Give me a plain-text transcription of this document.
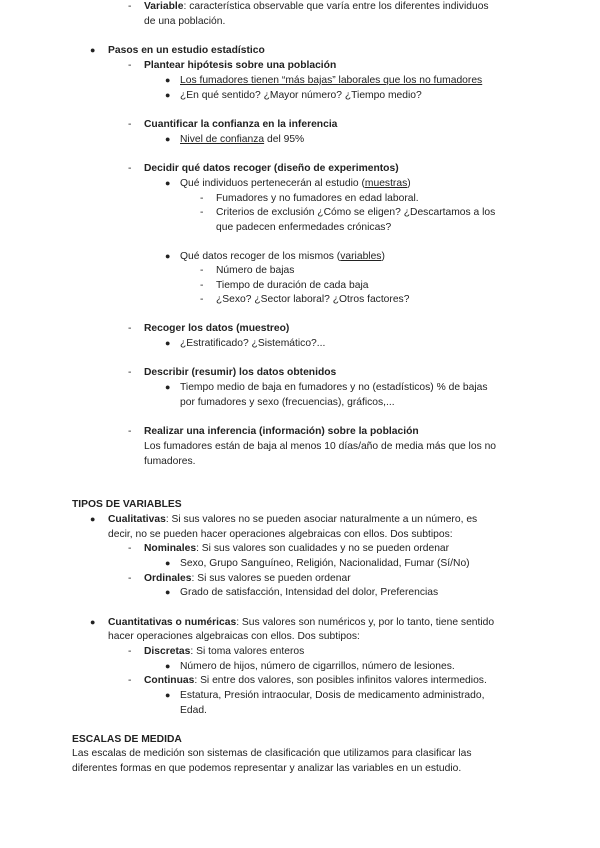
- Variable: característica observable que varía entre los diferentes individuos
de una población.
● Pasos en un estudio estadístico
- Plantear hipótesis sobre una población
● Los fumadores tienen “más bajas” laborales que los no fumadores
● ¿En qué sentido? ¿Mayor número? ¿Tiempo medio?
- Cuantificar la confianza en la inferencia
● Nivel de confianza del 95%
- Decidir qué datos recoger (diseño de experimentos)
● Qué individuos pertenecerán al estudio (muestras)
- Fumadores y no fumadores en edad laboral.
- Criterios de exclusión ¿Cómo se eligen? ¿Descartamos a los
que padecen enfermedades crónicas?
● Qué datos recoger de los mismos (variables)
- Número de bajas
- Tiempo de duración de cada baja
- ¿Sexo? ¿Sector laboral? ¿Otros factores?
- Recoger los datos (muestreo)
● ¿Estratificado? ¿Sistemático?...
- Describir (resumir) los datos obtenidos
● Tiempo medio de baja en fumadores y no (estadísticos) % de bajas
por fumadores y sexo (frecuencias), gráficos,...
- Realizar una inferencia (información) sobre la población
Los fumadores están de baja al menos 10 días/año de media más que los no
fumadores.
TIPOS DE VARIABLES
● Cualitativas: Si sus valores no se pueden asociar naturalmente a un número, es
decir, no se pueden hacer operaciones algebraicas con ellos. Dos subtipos:
- Nominales: Si sus valores son cualidades y no se pueden ordenar
● Sexo, Grupo Sanguíneo, Religión, Nacionalidad, Fumar (Sí/No)
- Ordinales: Si sus valores se pueden ordenar
● Grado de satisfacción, Intensidad del dolor, Preferencias
● Cuantitativas o numéricas: Sus valores son numéricos y, por lo tanto, tiene sentido
hacer operaciones algebraicas con ellos. Dos subtipos:
- Discretas: Si toma valores enteros
● Número de hijos, número de cigarrillos, número de lesiones.
- Continuas: Si entre dos valores, son posibles infinitos valores intermedios.
● Estatura, Presión intraocular, Dosis de medicamento administrado,
Edad.
ESCALAS DE MEDIDA
Las escalas de medición son sistemas de clasificación que utilizamos para clasificar las
diferentes formas en que podemos representar y analizar las variables en un estudio.
